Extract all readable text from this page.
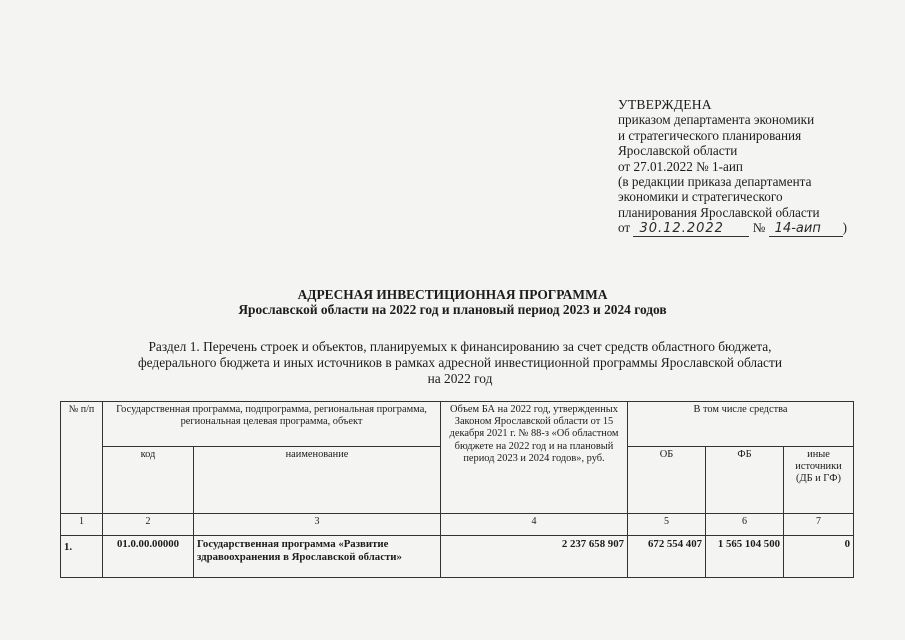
УТВЕРЖДЕНА
приказом департамента экономики
и стратегического планирования
Ярославской области
от 27.01.2022 № 1-аип
(в редакции приказа департамента
экономики и стратегического
планирования Ярославской области
от 30.12.2022 № 14-аип )
АДРЕСНАЯ ИНВЕСТИЦИОННАЯ ПРОГРАММА
Ярославской области на 2022 год и плановый период 2023 и 2024 годов
Раздел 1. Перечень строек и объектов, планируемых к финансированию за счет средств областного бюджета,
федерального бюджета и иных источников в рамках адресной инвестиционной программы Ярославской области
на 2022 год
№ п/п	Государственная программа, подпрограмма, региональная программа, региональная целевая программа, объект		Объем БА на 2022 год, утвержденных Законом Ярославской области от 15 декабря 2021 г. № 88-з «Об областном бюджете на 2022 год и на плановый период 2023 и 2024 годов», руб.	В том числе средства		
	код	наименование		ОБ	ФБ	иные источники (ДБ и ГФ)
1	2	3	4	5	6	7
1.	01.0.00.00000	Государственная программа «Развитие здравоохранения в Ярославской области»	2 237 658 907	672 554 407	1 565 104 500	0
